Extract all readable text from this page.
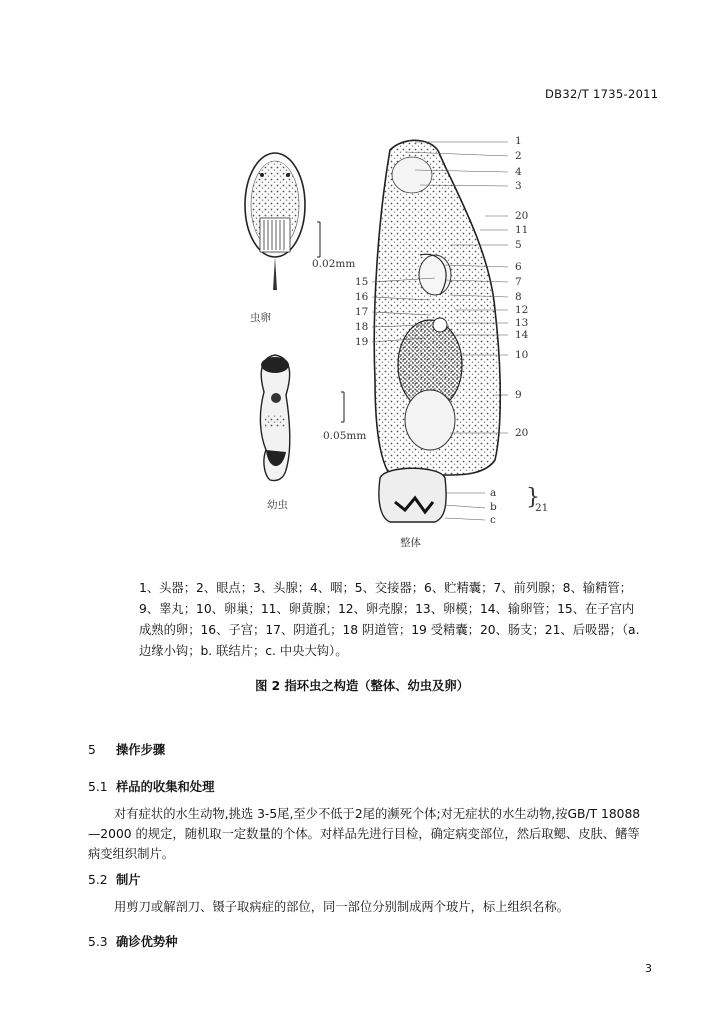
DB32/T 1735-2011
}
虫卵
0.02mm
幼虫
0.05mm
整体
1
2
4
3
20
11
5
6
7
8
12
13
14
10
9
20
a
b
c
21
15
16
17
18
19

1、头器；2、眼点；3、头腺；4、咽；5、交接器；6、贮精囊；7、前列腺；8、输精管；

9、睾丸；10、卵巢；11、卵黄腺；12、卵壳腺；13、卵模；14、输卵管；15、在子宫内

成熟的卵；16、子宫；17、阴道孔；18 阴道管；19 受精囊；20、肠支；21、后吸器；（a.

边缘小钩；b. 联结片；c. 中央大钩）。

图 2 指环虫之构造（整体、幼虫及卵）
5 操作步骤
5.1 样品的收集和处理
对有症状的水生动物,挑选 3-5尾,至少不低于2尾的濒死个体;对无症状的水生动物,按GB/T 18088
—2000 的规定，随机取一定数量的个体。对样品先进行目检，确定病变部位，然后取鳃、皮肤、鳍等
病变组织制片。
5.2 制片
用剪刀或解剖刀、镊子取病症的部位，同一部位分别制成两个玻片，标上组织名称。
5.3 确诊优势种
3
